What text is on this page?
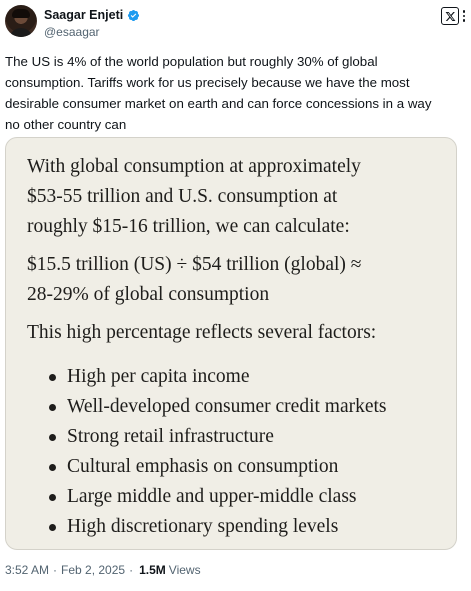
Saagar Enjeti
@esaagar
The US is 4% of the world population but roughly 30% of global
consumption. Tariffs work for us precisely because we have the most
desirable consumer market on earth and can force concessions in a way
no other country can
With global consumption at approximately
$53-55 trillion and U.S. consumption at
roughly $15-16 trillion, we can calculate:
$15.5 trillion (US) ÷ $54 trillion (global) ≈
28-29% of global consumption
This high percentage reflects several factors:
High per capita income
Well-developed consumer credit markets
Strong retail infrastructure
Cultural emphasis on consumption
Large middle and upper-middle class
High discretionary spending levels
3:52 AM · Feb 2, 2025 · 1.5M Views
